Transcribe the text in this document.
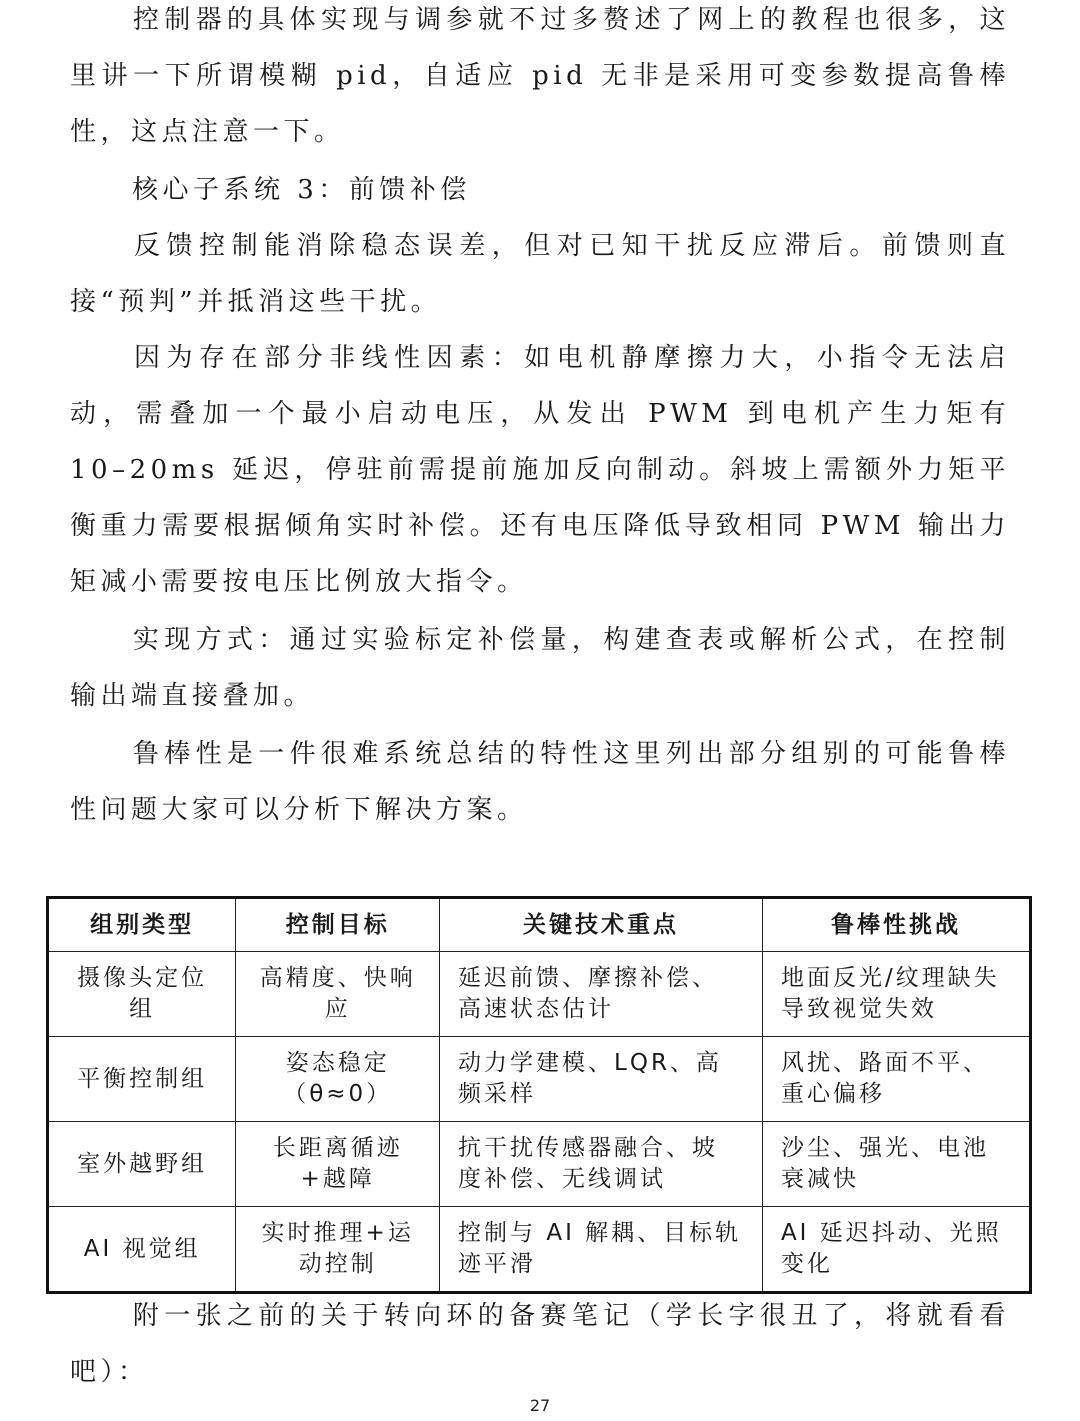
控制器的具体实现与调参就不过多赘述了网上的教程也很多，这里讲一下所谓模糊 pid，自适应 pid 无非是采用可变参数提高鲁棒性，这点注意一下。

核心子系统 3：前馈补偿

反馈控制能消除稳态误差，但对已知干扰反应滞后。前馈则直接“预判”并抵消这些干扰。

因为存在部分非线性因素：如电机静摩擦力大，小指令无法启动，需叠加一个最小启动电压，从发出 PWM 到电机产生力矩有 10–20ms 延迟，停驻前需提前施加反向制动。斜坡上需额外力矩平衡重力需要根据倾角实时补偿。还有电压降低导致相同 PWM 输出力矩减小需要按电压比例放大指令。

实现方式：通过实验标定补偿量，构建查表或解析公式，在控制输出端直接叠加。

鲁棒性是一件很难系统总结的特性这里列出部分组别的可能鲁棒性问题大家可以分析下解决方案。

组别类型	控制目标	关键技术重点	鲁棒性挑战
摄像头定位组	高精度、快响应	延迟前馈、摩擦补偿、高速状态估计	地面反光/纹理缺失导致视觉失效
平衡控制组	姿态稳定（θ≈0）	动力学建模、LQR、高频采样	风扰、路面不平、重心偏移
室外越野组	长距离循迹+越障	抗干扰传感器融合、坡度补偿、无线调试	沙尘、强光、电池衰减快
AI 视觉组	实时推理+运动控制	控制与 AI 解耦、目标轨迹平滑	AI 延迟抖动、光照变化

附一张之前的关于转向环的备赛笔记（学长字很丑了，将就看看吧）：

27
